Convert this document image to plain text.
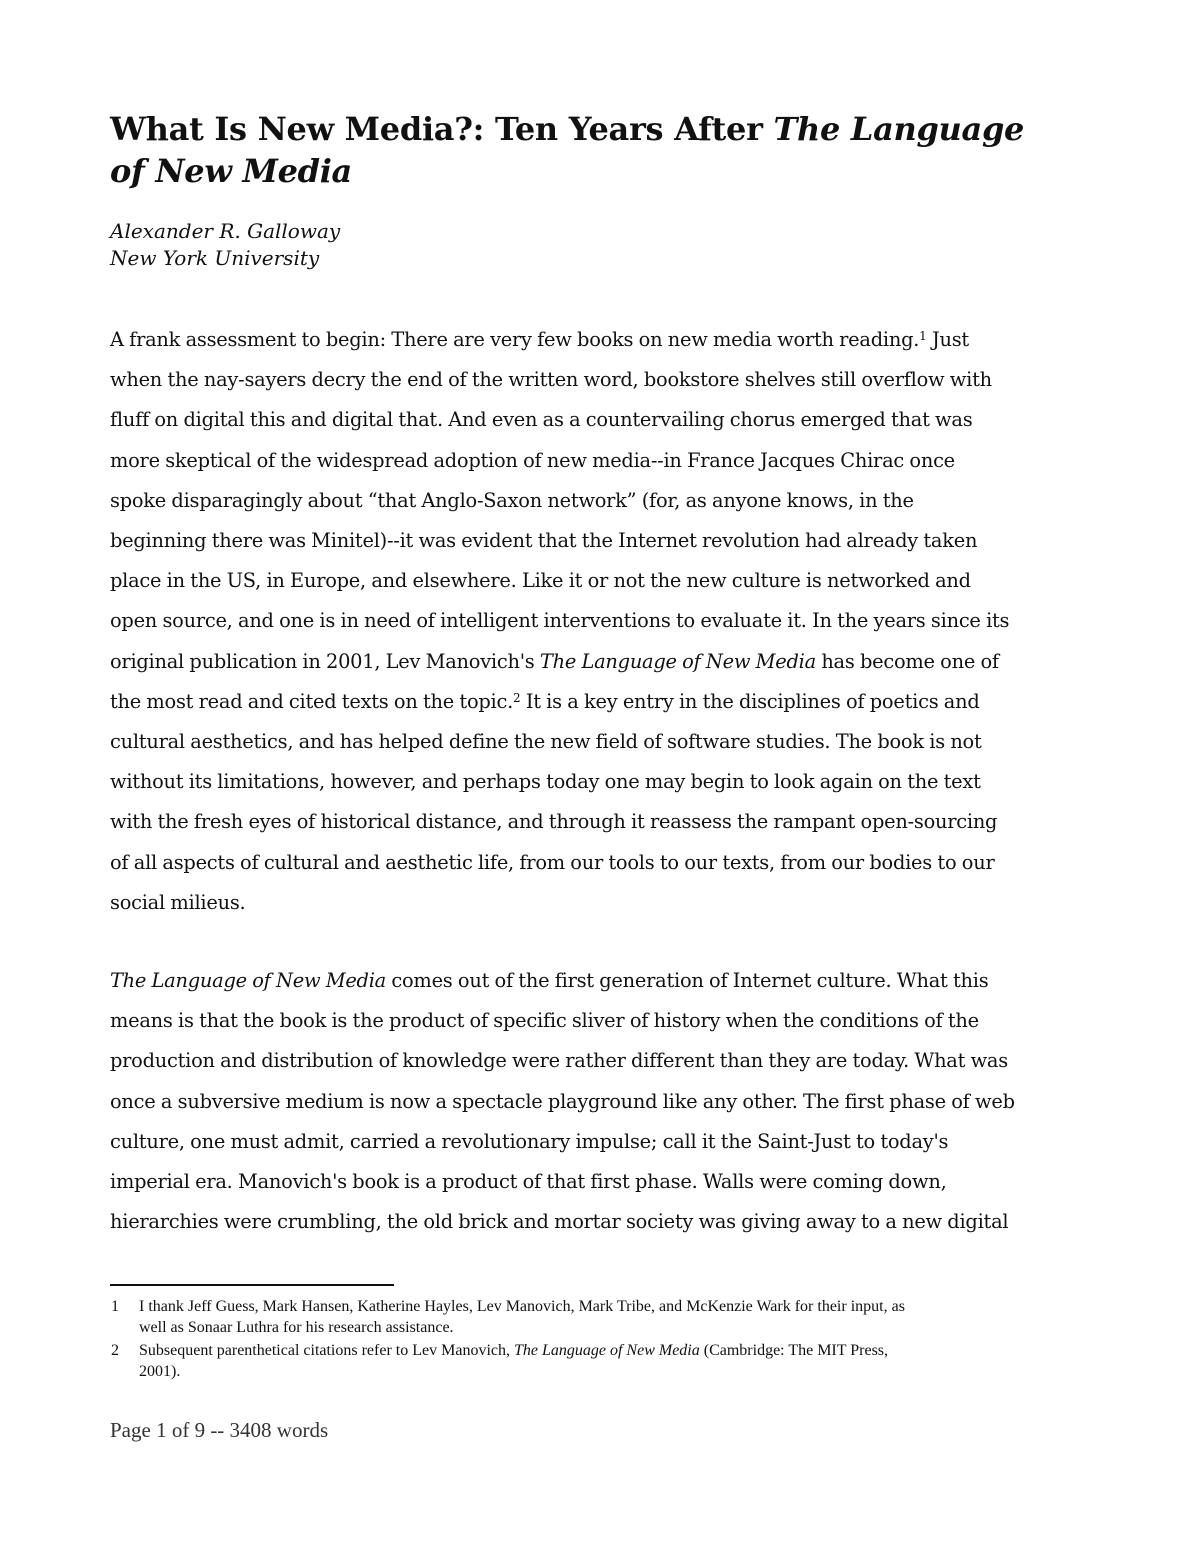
What Is New Media?: Ten Years After The Language
of New Media
Alexander R. Galloway
New York University
A frank assessment to begin: There are very few books on new media worth reading.$^1$ Just
when the nay-sayers decry the end of the written word, bookstore shelves still overflow with
fluff on digital this and digital that. And even as a countervailing chorus emerged that was
more skeptical of the widespread adoption of new media--in France Jacques Chirac once
spoke disparagingly about “that Anglo-Saxon network” (for, as anyone knows, in the
beginning there was Minitel)--it was evident that the Internet revolution had already taken
place in the US, in Europe, and elsewhere. Like it or not the new culture is networked and
open source, and one is in need of intelligent interventions to evaluate it. In the years since its
original publication in 2001, Lev Manovich's The Language of New Media has become one of
the most read and cited texts on the topic.$^2$ It is a key entry in the disciplines of poetics and
cultural aesthetics, and has helped define the new field of software studies. The book is not
without its limitations, however, and perhaps today one may begin to look again on the text
with the fresh eyes of historical distance, and through it reassess the rampant open-sourcing
of all aspects of cultural and aesthetic life, from our tools to our texts, from our bodies to our
social milieus.
The Language of New Media comes out of the first generation of Internet culture. What this
means is that the book is the product of specific sliver of history when the conditions of the
production and distribution of knowledge were rather different than they are today. What was
once a subversive medium is now a spectacle playground like any other. The first phase of web
culture, one must admit, carried a revolutionary impulse; call it the Saint-Just to today's
imperial era. Manovich's book is a product of that first phase. Walls were coming down,
hierarchies were crumbling, the old brick and mortar society was giving away to a new digital
1 I thank Jeff Guess, Mark Hansen, Katherine Hayles, Lev Manovich, Mark Tribe, and McKenzie Wark for their input, as
well as Sonaar Luthra for his research assistance.
2 Subsequent parenthetical citations refer to Lev Manovich, The Language of New Media (Cambridge: The MIT Press,
2001).
Page 1 of 9 -- 3408 words
